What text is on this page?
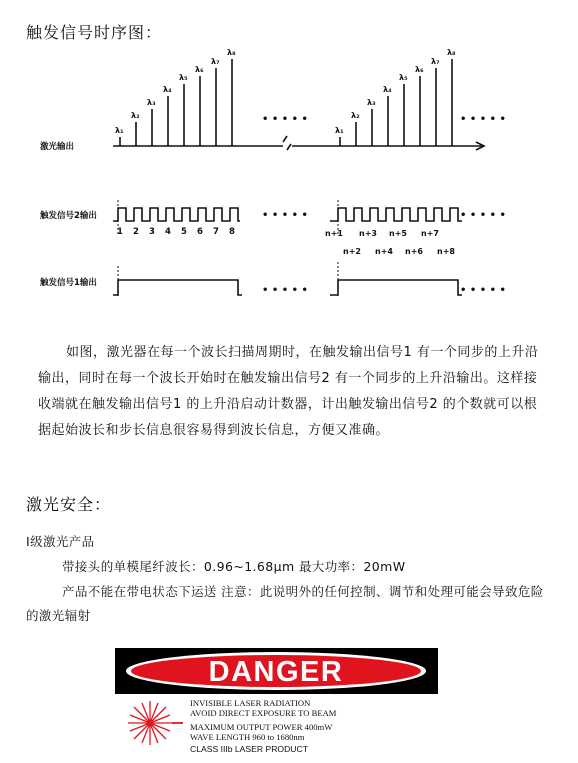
触发信号时序图：
激光输出
触发信号2输出
触发信号1输出
λ₁
λ₂
λ₃
λ₄
λ₅
λ₆
λ₇
λ₈
λ₁
λ₂
λ₃
λ₄
λ₅
λ₆
λ₇
λ₈
• • • • •	• • • • •
• • • • •	• • • • •
1 2 3 4 5 6 7 8	n+1 n+3 n+5 n+7
n+2 n+4 n+6 n+8
• • • • •	• • • • •
如图，激光器在每一个波长扫描周期时，在触发输出信号1 有一个同步的上升沿输出，同时在每一个波长开始时在触发输出信号2 有一个同步的上升沿输出。这样接收端就在触发输出信号1 的上升沿启动计数器，计出触发输出信号2 的个数就可以根据起始波长和步长信息很容易得到波长信息，方便又准确。
激光安全：
Ⅰ级激光产品
带接头的单模尾纤波长：0.96~1.68μm 最大功率：20mW
产品不能在带电状态下运送 注意：此说明外的任何控制、调节和处理可能会导致危险的激光辐射
DANGER
INVISIBLE LASER RADIATION
AVOID DIRECT EXPOSURE TO BEAM
MAXIMUM OUTPUT POWER 400mW
WAVE LENGTH 960 to 1680nm
CLASS IIIb LASER PRODUCT
